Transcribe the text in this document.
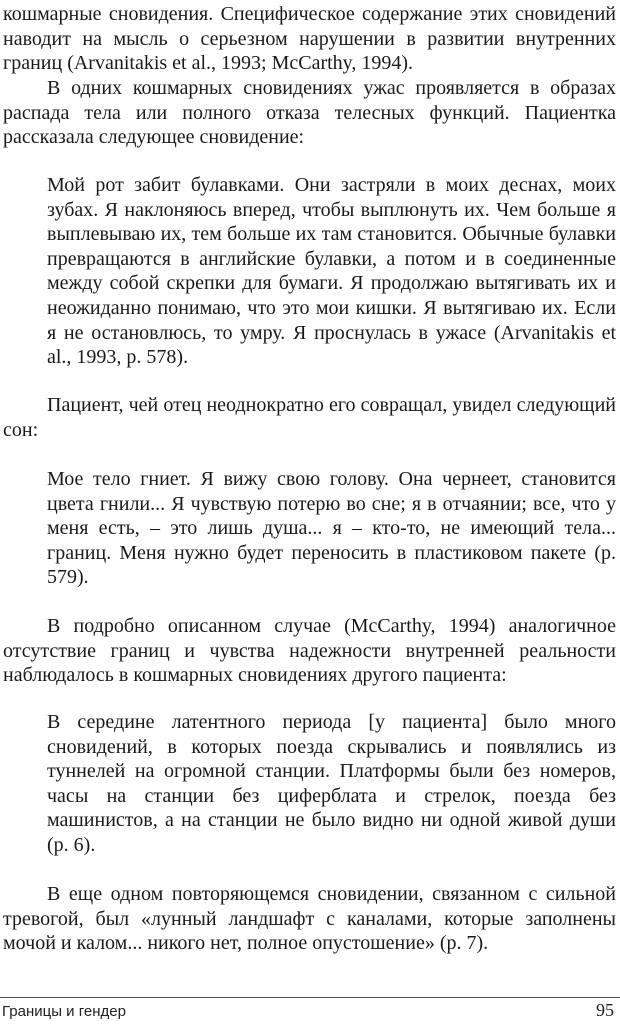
кошмарные сновидения. Специфическое содержание этих сновидений наводит на мысль о серьезном нарушении в развитии внутренних границ (Arvanitakis et al., 1993; McCarthy, 1994).

В одних кошмарных сновидениях ужас проявляется в образах распада тела или полного отказа телесных функций. Пациентка рассказала следующее сновидение:

Мой рот забит булавками. Они застряли в моих деснах, моих зубах. Я наклоняюсь вперед, чтобы выплюнуть их. Чем больше я выплевываю их, тем больше их там становится. Обычные булавки превращаются в английские булавки, а потом и в соединенные между собой скрепки для бумаги. Я продолжаю вытягивать их и неожиданно понимаю, что это мои кишки. Я вытягиваю их. Если я не остановлюсь, то умру. Я проснулась в ужасе (Arvanitakis et al., 1993, p. 578).

Пациент, чей отец неоднократно его совращал, увидел следующий сон:

Мое тело гниет. Я вижу свою голову. Она чернеет, становится цвета гнили... Я чувствую потерю во сне; я в отчаянии; все, что у меня есть, – это лишь душа... я – кто-то, не имеющий тела... границ. Меня нужно будет переносить в пластиковом пакете (p. 579).

В подробно описанном случае (McCarthy, 1994) аналогичное отсутствие границ и чувства надежности внутренней реальности наблюдалось в кошмарных сновидениях другого пациента:

В середине латентного периода [у пациента] было много сновидений, в которых поезда скрывались и появлялись из туннелей на огромной станции. Платформы были без номеров, часы на станции без циферблата и стрелок, поезда без машинистов, а на станции не было видно ни одной живой души (p. 6).

В еще одном повторяющемся сновидении, связанном с сильной тревогой, был «лунный ландшафт с каналами, которые заполнены мочой и калом... никого нет, полное опустошение» (p. 7).

Границы и гендер	95
